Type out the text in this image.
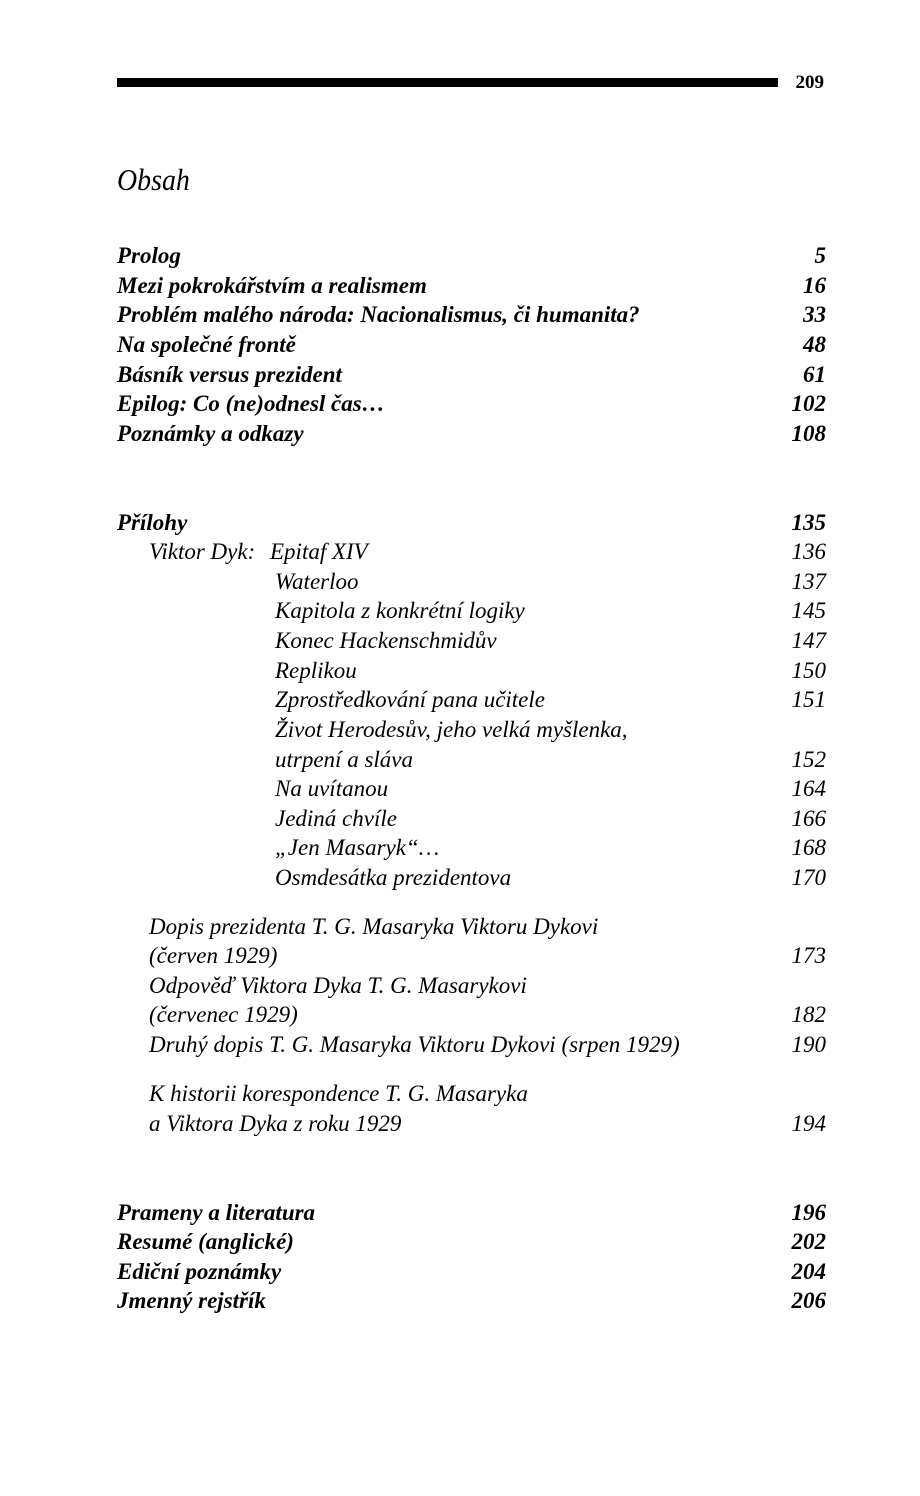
209
Obsah
Prolog	5
Mezi pokrokářstvím a realismem	16
Problém malého národa: Nacionalismus, či humanita?	33
Na společné frontě	48
Básník versus prezident	61
Epilog: Co (ne)odnesl čas…	102
Poznámky a odkazy	108
Přílohy	135
Viktor Dyk: Epitaf XIV	136
Waterloo	137
Kapitola z konkrétní logiky	145
Konec Hackenschmidův	147
Replikou	150
Zprostředkování pana učitele	151
Život Herodesův, jeho velká myšlenka,
utrpení a sláva	152
Na uvítanou	164
Jediná chvíle	166
„Jen Masaryk“…	168
Osmdesátka prezidentova	170
Dopis prezidenta T. G. Masaryka Viktoru Dykovi
(červen 1929)	173
Odpověď Viktora Dyka T. G. Masarykovi
(červenec 1929)	182
Druhý dopis T. G. Masaryka Viktoru Dykovi (srpen 1929)	190
K historii korespondence T. G. Masaryka
a Viktora Dyka z roku 1929	194
Prameny a literatura	196
Resumé (anglické)	202
Ediční poznámky	204
Jmenný rejstřík	206
